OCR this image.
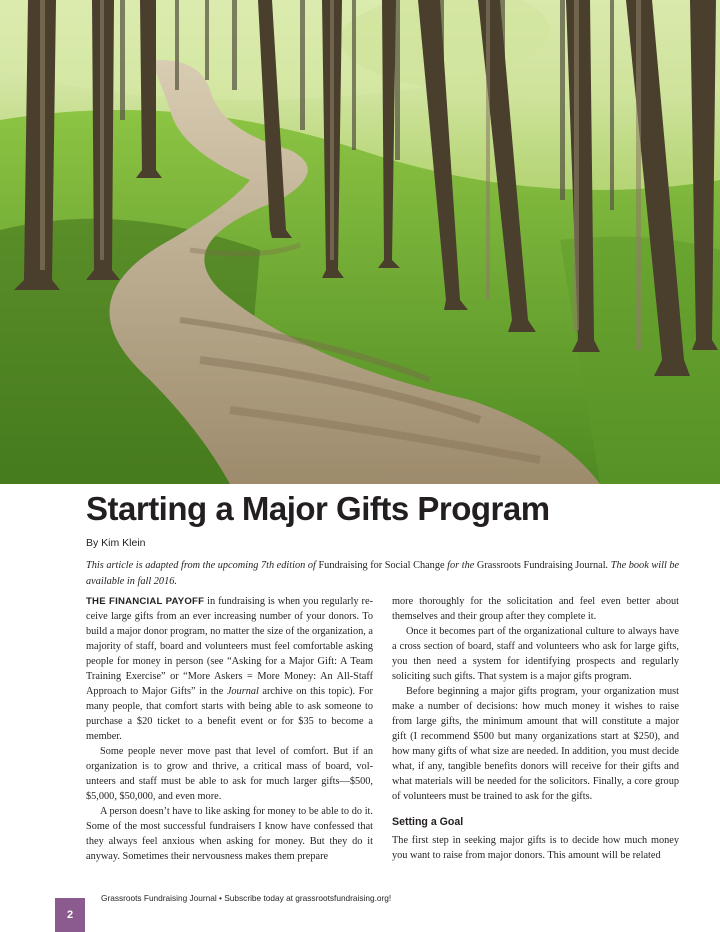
Starting a Major Gifts Program
By Kim Klein

This article is adapted from the upcoming 7th edition of Fundraising for Social Change for the Grassroots Fundraising Journal. The book will be available in fall 2016.

THE FINANCIAL PAYOFF in fundraising is when you regularly receive large gifts from an ever increasing number of your donors. To build a major donor program, no matter the size of the organization, a majority of staff, board and volunteers must feel comfortable asking people for money in person (see “Asking for a Major Gift: A Team Training Exercise” or “More Askers = More Money: An All-Staff Approach to Major Gifts” in the Journal archive on this topic). For many people, that comfort starts with being able to ask someone to purchase a $20 ticket to a benefit event or for $35 to become a member.

Some people never move past that level of comfort. But if an organization is to grow and thrive, a critical mass of board, volunteers and staff must be able to ask for much larger gifts—$500, $5,000, $50,000, and even more.

A person doesn’t have to like asking for money to be able to do it. Some of the most successful fundraisers I know have confessed that they always feel anxious when asking for money. But they do it anyway. Sometimes their nervousness makes them prepare

more thoroughly for the solicitation and feel even better about themselves and their group after they complete it.

Once it becomes part of the organizational culture to always have a cross section of board, staff and volunteers who ask for large gifts, you then need a system for identifying prospects and regularly soliciting such gifts. That system is a major gifts program.

Before beginning a major gifts program, your organization must make a number of decisions: how much money it wishes to raise from large gifts, the minimum amount that will constitute a major gift (I recommend $500 but many organizations start at $250), and how many gifts of what size are needed. In addition, you must decide what, if any, tangible benefits donors will receive for their gifts and what materials will be needed for the solicitors. Finally, a core group of volunteers must be trained to ask for the gifts.

Setting a Goal

The first step in seeking major gifts is to decide how much money you want to raise from major donors. This amount will be related

Grassroots Fundraising Journal • Subscribe today at grassrootsfundraising.org!
2
